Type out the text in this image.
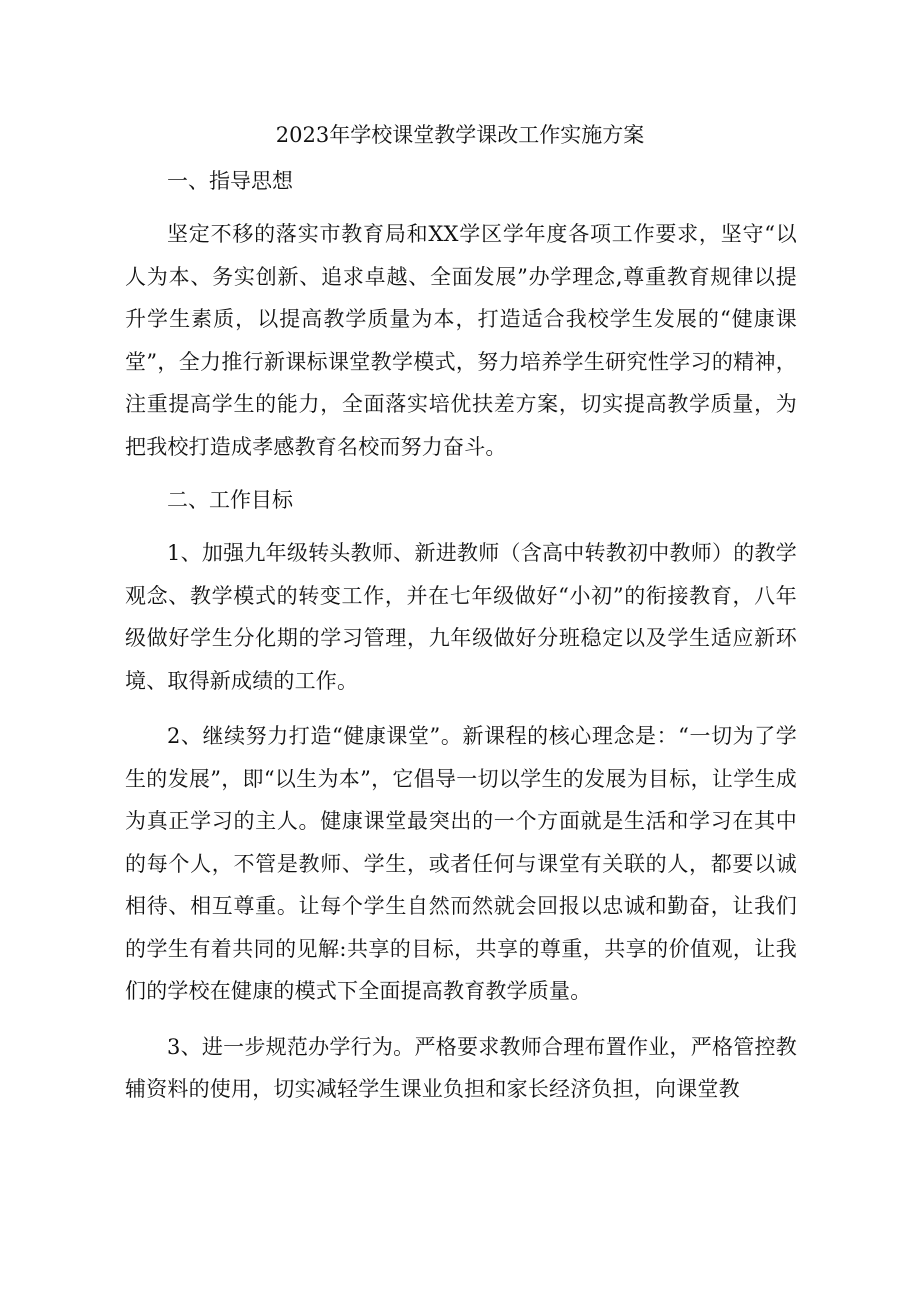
2023年学校课堂教学课改工作实施方案
一、指导思想

坚定不移的落实市教育局和XX学区学年度各项工作要求，坚守“以人为本、务实创新、追求卓越、全面发展”办学理念,尊重教育规律以提升学生素质，以提高教学质量为本，打造适合我校学生发展的“健康课堂”，全力推行新课标课堂教学模式，努力培养学生研究性学习的精神，注重提高学生的能力，全面落实培优扶差方案，切实提高教学质量，为把我校打造成孝感教育名校而努力奋斗。

二、工作目标

1、加强九年级转头教师、新进教师（含高中转教初中教师）的教学观念、教学模式的转变工作，并在七年级做好“小初”的衔接教育，八年级做好学生分化期的学习管理，九年级做好分班稳定以及学生适应新环境、取得新成绩的工作。

2、继续努力打造“健康课堂”。新课程的核心理念是：“一切为了学生的发展”，即“以生为本”，它倡导一切以学生的发展为目标，让学生成为真正学习的主人。健康课堂最突出的一个方面就是生活和学习在其中的每个人，不管是教师、学生，或者任何与课堂有关联的人，都要以诚相待、相互尊重。让每个学生自然而然就会回报以忠诚和勤奋，让我们的学生有着共同的见解:共享的目标，共享的尊重，共享的价值观，让我们的学校在健康的模式下全面提高教育教学质量。

3、进一步规范办学行为。严格要求教师合理布置作业，严格管控教辅资料的使用，切实减轻学生课业负担和家长经济负担，向课堂教
